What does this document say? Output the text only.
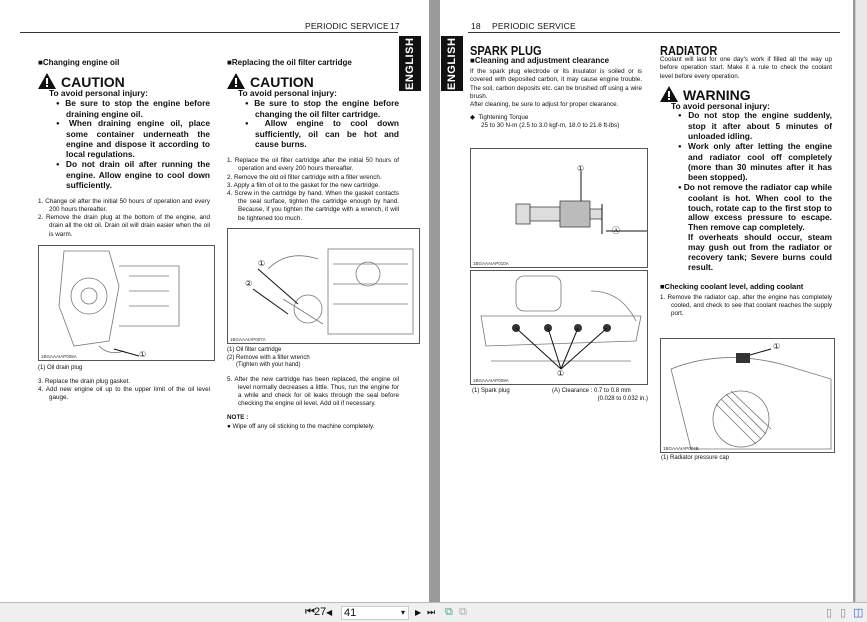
PERIODIC SERVICE 17
ENGLISH
■ Changing engine oil
CAUTION
To avoid personal injury:
● Be sure to stop the engine before draining engine oil.
● When draining engine oil, place some container underneath the engine and dispose it according to local regulations.
● Do not drain oil after running the engine. Allow engine to cool down sufficiently.
1. Change oil after the initial 50 hours of operation and every 200 hours thereafter.
2. Remove the drain plug at the bottom of the engine, and drain all the old oil. Drain oil will drain easier when the oil is warm.
①
1BGAAAIAP005A
(1) Oil drain plug
3. Replace the drain plug gasket.
4. Add new engine oil up to the upper limit of the oil level gauge.
■ Replacing the oil filter cartridge
CAUTION
To avoid personal injury:
● Be sure to stop the engine before changing the oil filter cartridge.
● Allow engine to cool down sufficiently, oil can be hot and cause burns.
1. Replace the oil filter cartridge after the initial 50 hours of operation and every 200 hours thereafter.
2. Remove the old oil filter cartridge with a filter wrench.
3. Apply a film of oil to the gasket for the new cartridge.
4. Screw in the cartridge by hand. When the gasket contacts the seal surface, tighten the cartridge enough by hand. Because, if you tighten the cartridge with a wrench, it will be tightened too much.
①
②
1BGAAAIAP007A
(1) Oil filter cartridge
(2) Remove with a filter wrench
(Tighten with your hand)
5. After the new cartridge has been replaced, the engine oil level normally decreases a little. Thus, run the engine for a while and check for oil leaks through the seal before checking the engine oil level. Add oil if necessary.
NOTE :
● Wipe off any oil sticking to the machine completely.
18 PERIODIC SERVICE
ENGLISH SPARK PLUG
■ Cleaning and adjustment clearance
If the spark plug electrode or its insulator is soiled or is covered with deposited carbon, it may cause engine trouble. The soil, carbon deposits etc. can be brushed off using a wire brush.
After cleaning, be sure to adjust for proper clearance.
◆  Tightening Torque
25 to 30 N-m (2.5 to 3.0 kgf-m, 18.0 to 21.6 ft-lbs)
①
Ⓐ
1BGAAAIAP010A
①
1BGAAAIAP009A
(1) Spark plug	(A) Clearance : 0.7 to 0.8 mm
(0.028 to 0.032 in.)
RADIATOR
Coolant will last for one day's work if filled all the way up before operation start. Make it a rule to check the coolant level before every operation.
WARNING
To avoid personal injury:
● Do not stop the engine suddenly, stop it after about 5 minutes of unloaded idling.
● Work only after letting the engine and radiator cool off completely (more than 30 minutes after it has been stopped).
● Do not remove the radiator cap while coolant is hot. When cool to the touch, rotate cap to the first stop to allow excess pressure to escape. Then remove cap completely.
If overheats should occur, steam may gush out from the radiator or recovery tank; Severe burns could result.
■ Checking coolant level, adding coolant
1. Remove the radiator cap, after the engine has completely cooled, and check to see that coolant reaches the supply port.
①
1BGAAAIAP004B
(1) Radiator pressure cap
⏮ 27 ◀ 41	▾ ▶ ⏭ ⧉ ⧉	▯ ▯ ◫
